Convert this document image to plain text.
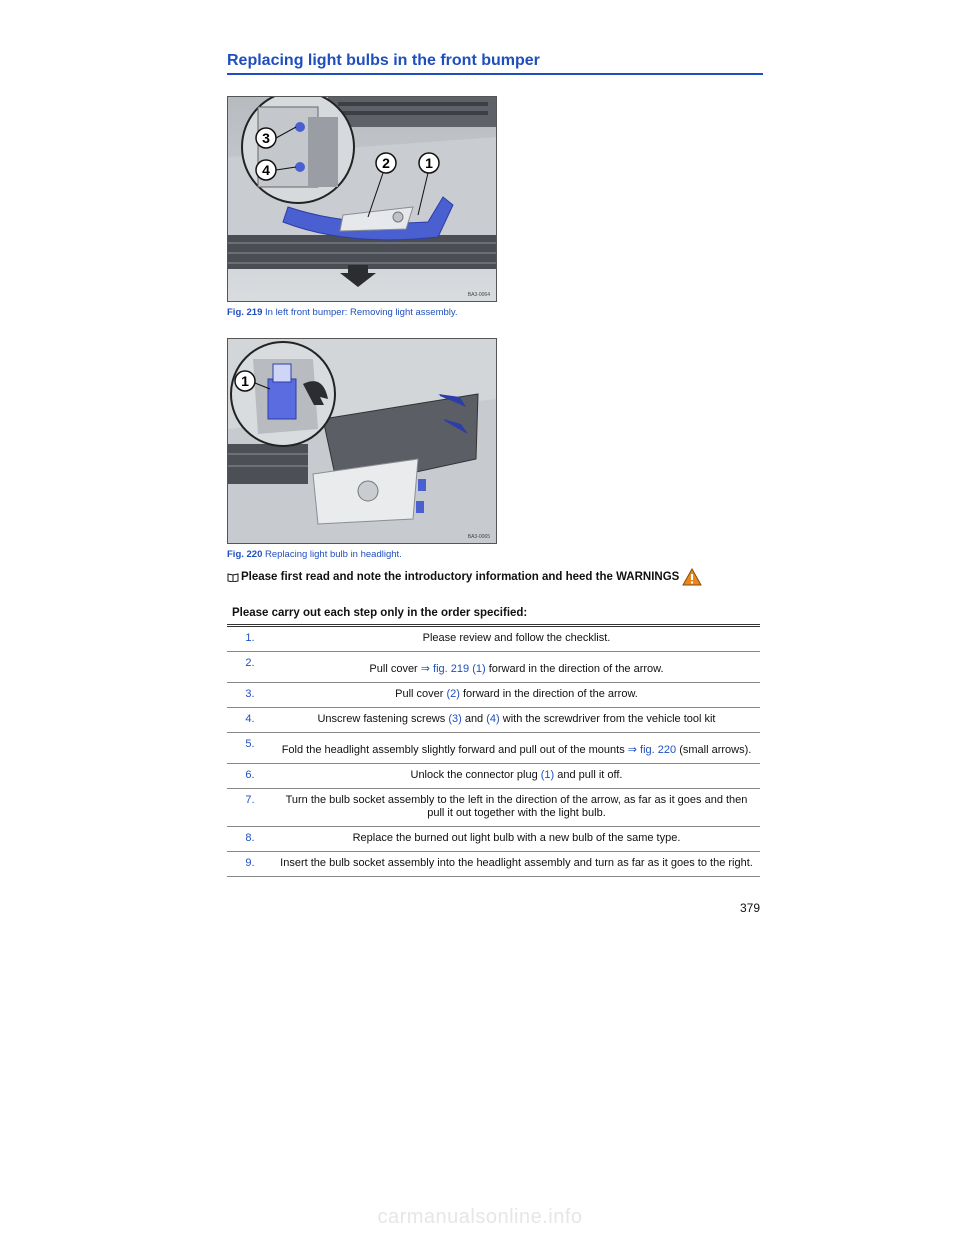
Replacing light bulbs in the front bumper
3
4	2	1
BA3-0064
Fig. 219 In left front bumper: Removing light assembly.
1
BA3-0065
Fig. 220 Replacing light bulb in headlight.
Please first read and note the introductory information and heed the WARNINGS
Please carry out each step only in the order specified:
1.	Please review and follow the checklist.
2.	Pull cover ⇒ fig. 219 (1) forward in the direction of the arrow.
3.	Pull cover (2) forward in the direction of the arrow.
4.	Unscrew fastening screws (3) and (4) with the screwdriver from the vehicle tool kit
5.	Fold the headlight assembly slightly forward and pull out of the mounts ⇒ fig. 220 (small arrows).
6.	Unlock the connector plug (1) and pull it off.
7.	Turn the bulb socket assembly to the left in the direction of the arrow, as far as it goes and then pull it out together with the light bulb.
8.	Replace the burned out light bulb with a new bulb of the same type.
9.	Insert the bulb socket assembly into the headlight assembly and turn as far as it goes to the right.
379
carmanualsonline.info
